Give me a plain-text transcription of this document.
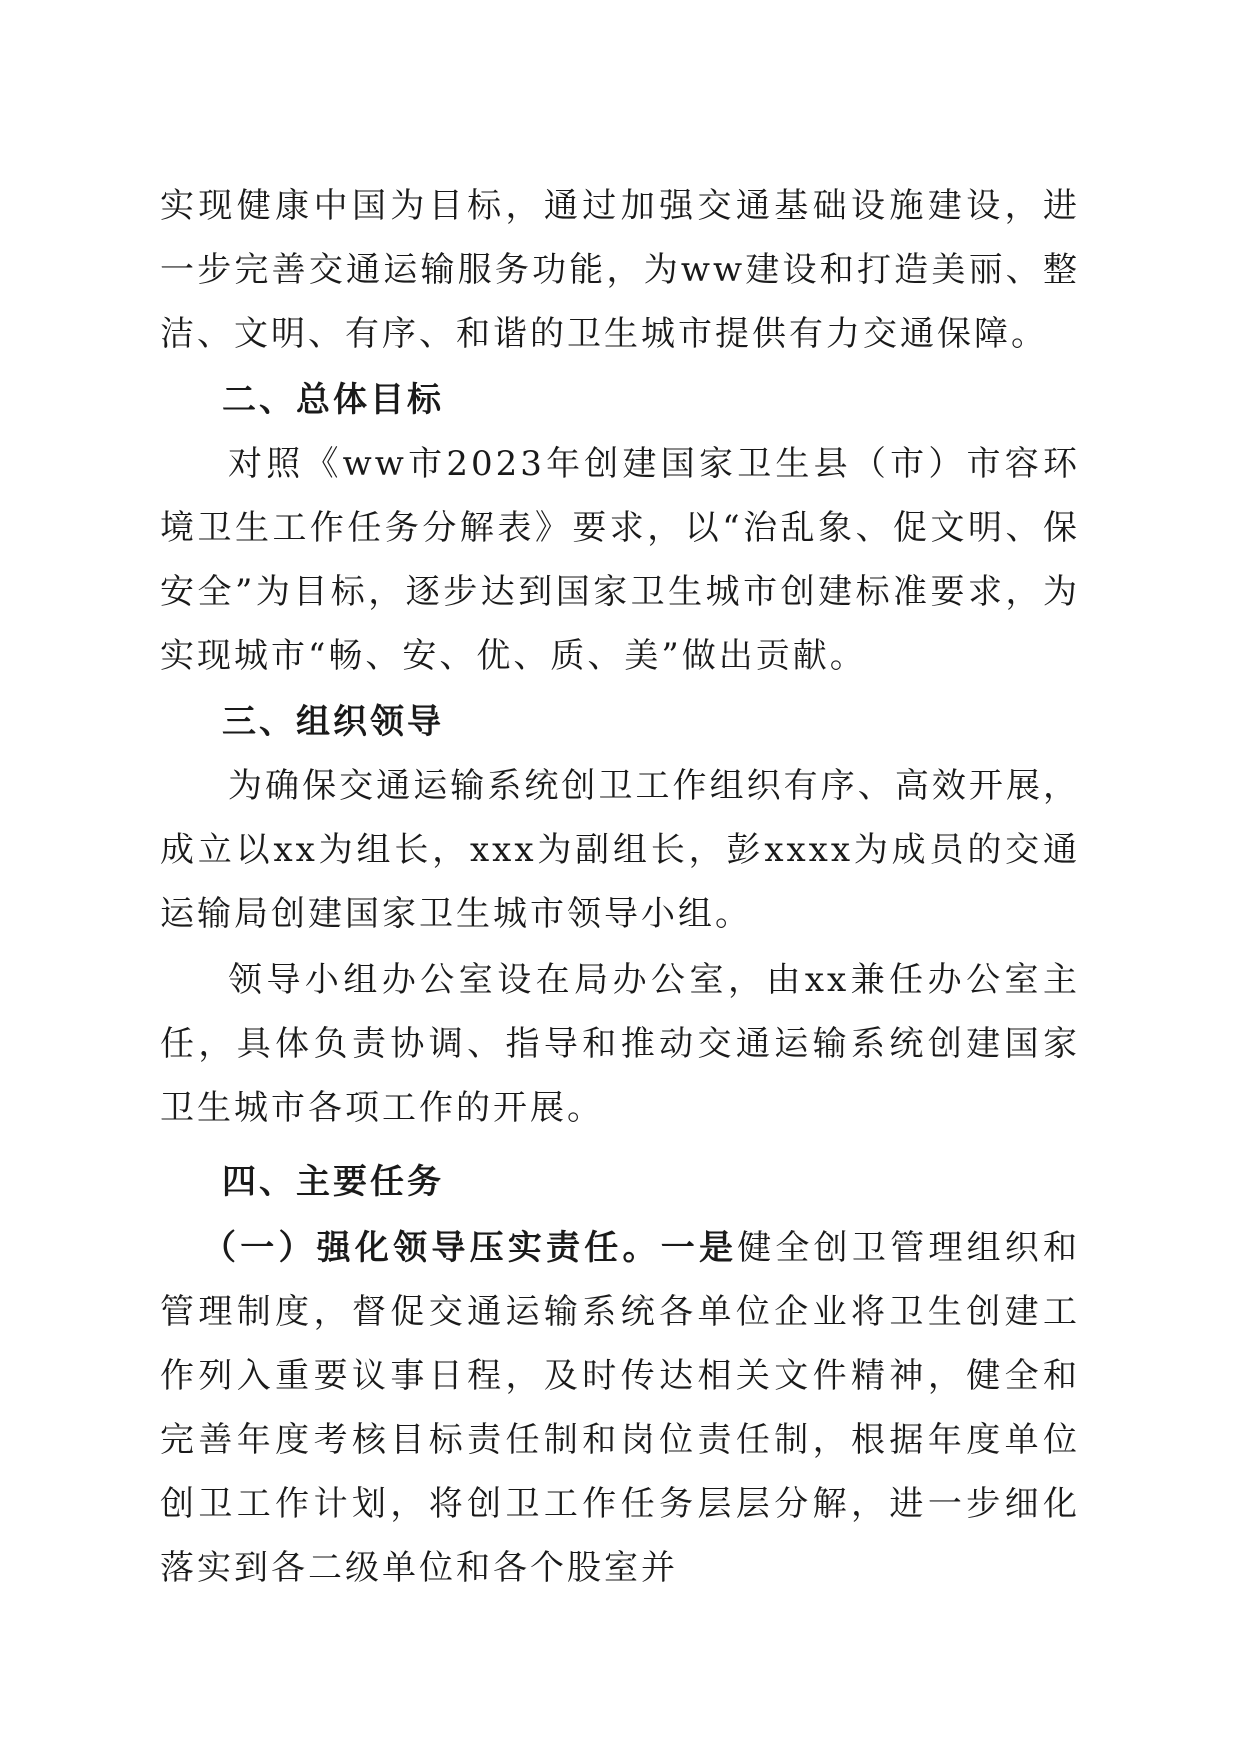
实现健康中国为目标，通过加强交通基础设施建设，进一步完善交通运输服务功能，为ww建设和打造美丽、整洁、文明、有序、和谐的卫生城市提供有力交通保障。

二、总体目标

对照《ww市2023年创建国家卫生县（市）市容环境卫生工作任务分解表》要求，以“治乱象、促文明、保安全”为目标，逐步达到国家卫生城市创建标准要求，为实现城市“畅、安、优、质、美”做出贡献。

三、组织领导

为确保交通运输系统创卫工作组织有序、高效开展，成立以xx为组长，xxx为副组长，彭xxxx为成员的交通运输局创建国家卫生城市领导小组。

领导小组办公室设在局办公室，由xx兼任办公室主任，具体负责协调、指导和推动交通运输系统创建国家卫生城市各项工作的开展。

四、主要任务

（一）强化领导压实责任。一是健全创卫管理组织和管理制度，督促交通运输系统各单位企业将卫生创建工作列入重要议事日程，及时传达相关文件精神，健全和完善年度考核目标责任制和岗位责任制，根据年度单位创卫工作计划，将创卫工作任务层层分解，进一步细化落实到各二级单位和各个股室并
